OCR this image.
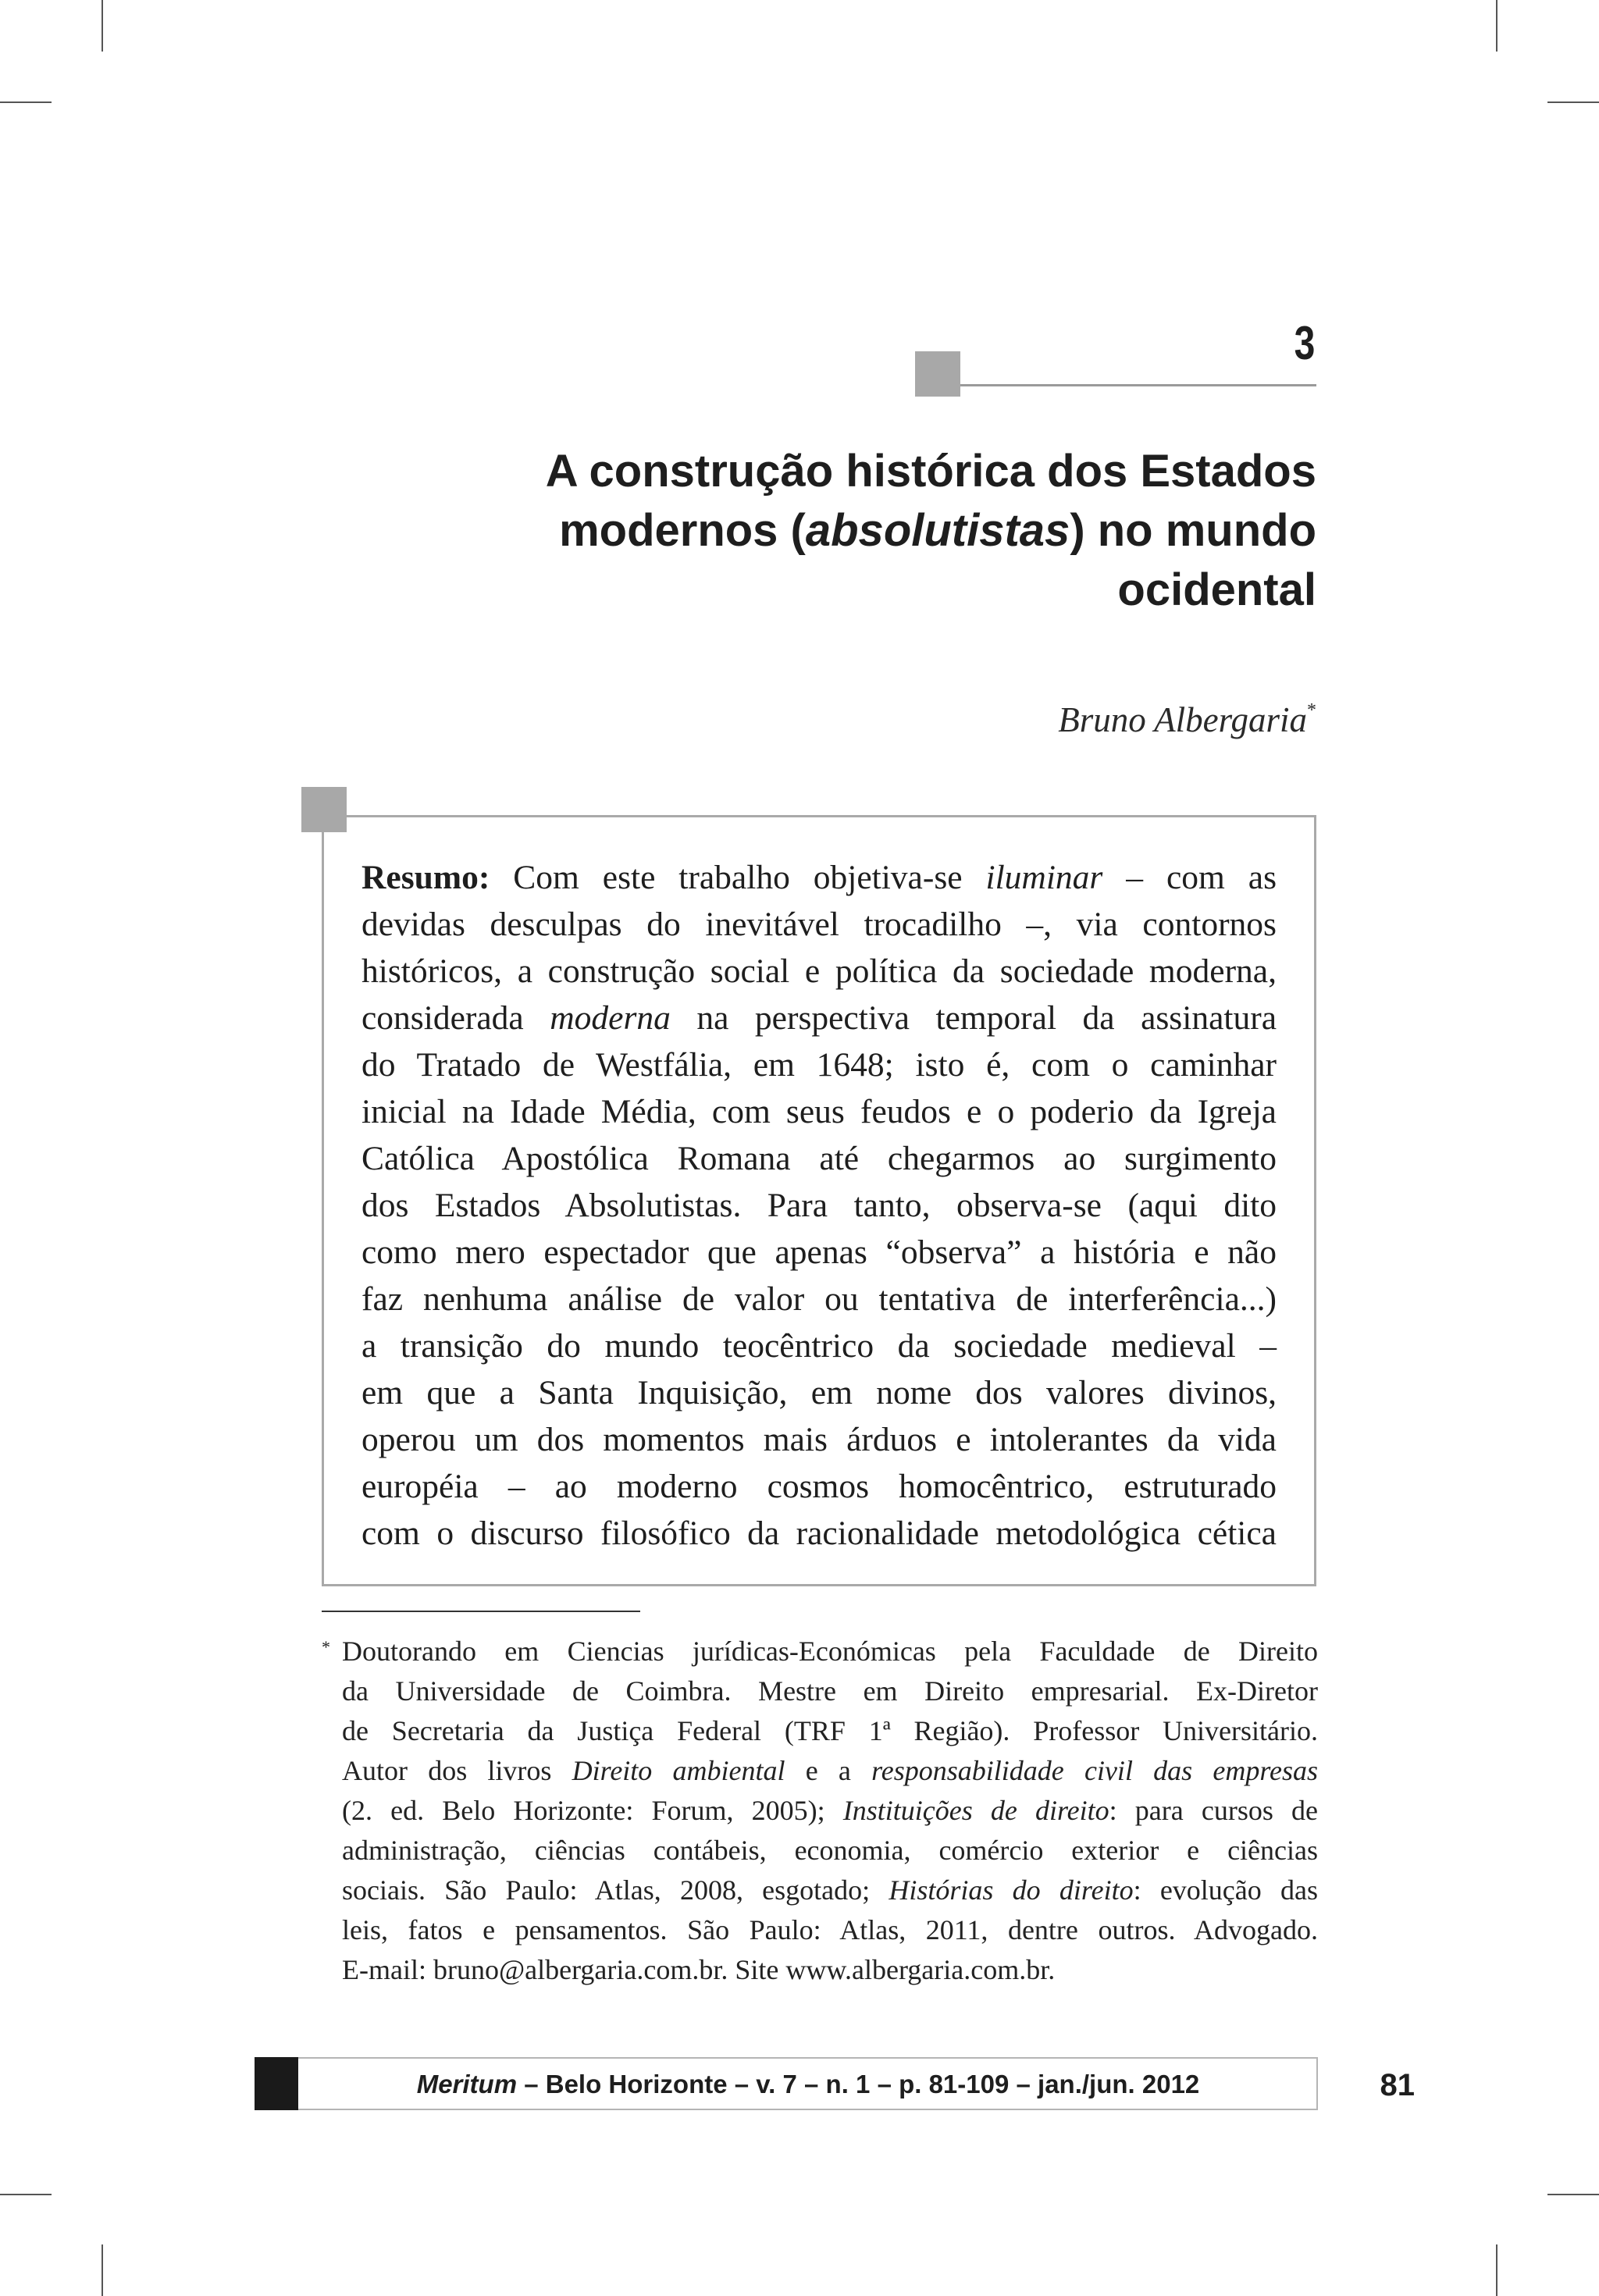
3
A construção histórica dos Estados
modernos (absolutistas) no mundo
ocidental
Bruno Albergaria*
Resumo: Com este trabalho objetiva-se iluminar – com as
devidas desculpas do inevitável trocadilho –, via contornos
históricos, a construção social e política da sociedade moderna,
considerada moderna na perspectiva temporal da assinatura
do Tratado de Westfália, em 1648; isto é, com o caminhar
inicial na Idade Média, com seus feudos e o poderio da Igreja
Católica Apostólica Romana até chegarmos ao surgimento
dos Estados Absolutistas. Para tanto, observa-se (aqui dito
como mero espectador que apenas “observa” a história e não
faz nenhuma análise de valor ou tentativa de interferência...)
a transição do mundo teocêntrico da sociedade medieval –
em que a Santa Inquisição, em nome dos valores divinos,
operou um dos momentos mais árduos e intolerantes da vida
européia – ao moderno cosmos homocêntrico, estruturado
com o discurso filosófico da racionalidade metodológica cética
* Doutorando em Ciencias jurídicas-Económicas pela Faculdade de Direito
da Universidade de Coimbra. Mestre em Direito empresarial. Ex-Diretor
de Secretaria da Justiça Federal (TRF 1ª Região). Professor Universitário.
Autor dos livros Direito ambiental e a responsabilidade civil das empresas
(2. ed. Belo Horizonte: Forum, 2005); Instituições de direito: para cursos de
administração, ciências contábeis, economia, comércio exterior e ciências
sociais. São Paulo: Atlas, 2008, esgotado; Histórias do direito: evolução das
leis, fatos e pensamentos. São Paulo: Atlas, 2011, dentre outros. Advogado.
E-mail: bruno@albergaria.com.br. Site www.albergaria.com.br.
Meritum – Belo Horizonte – v. 7 – n. 1 – p. 81-109 – jan./jun. 2012	81
